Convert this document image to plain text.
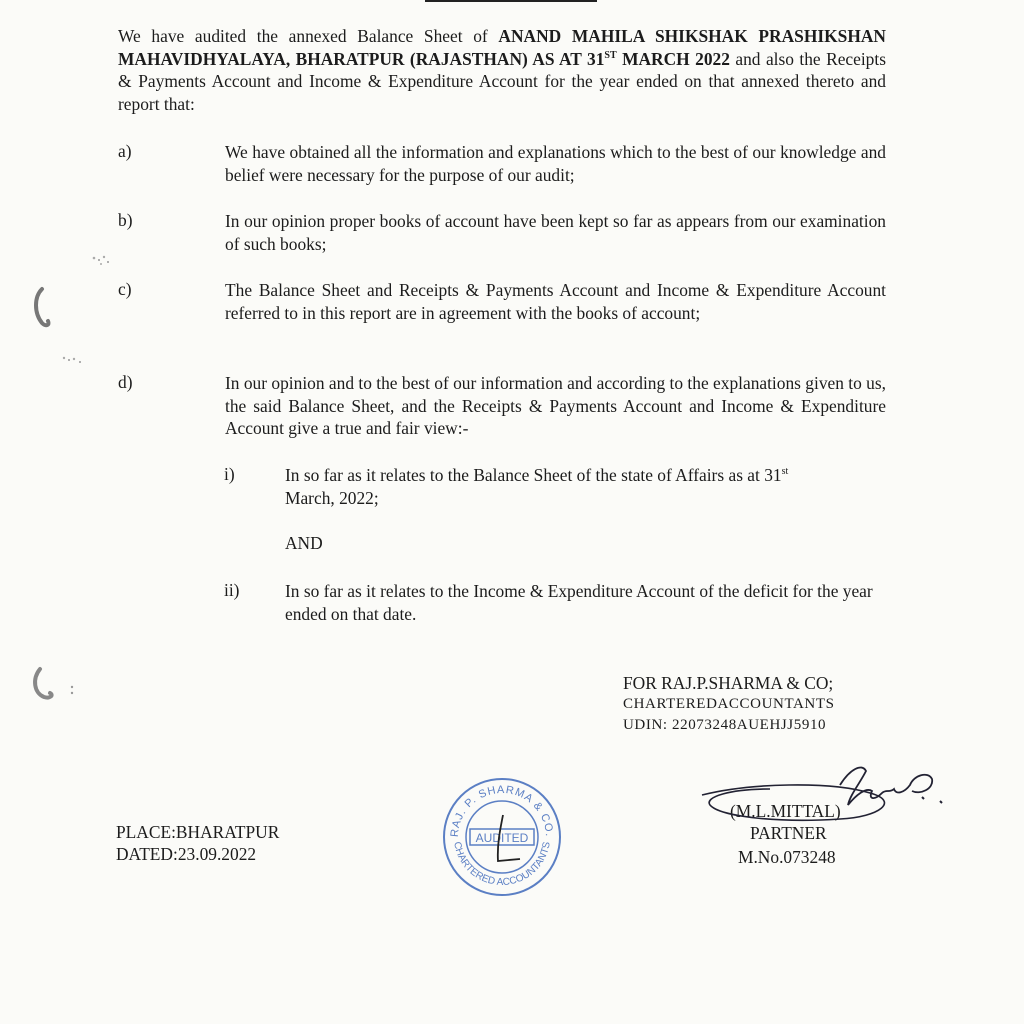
We have audited the annexed Balance Sheet of ANAND MAHILA SHIKSHAK PRASHIKSHAN MAHAVIDHYALAYA, BHARATPUR (RAJASTHAN) AS AT 31ST MARCH 2022 and also the Receipts & Payments Account and Income & Expenditure Account for the year ended on that annexed thereto and report that:

a)	We have obtained all the information and explanations which to the best of our knowledge and belief were necessary for the purpose of our audit;

b)	In our opinion proper books of account have been kept so far as appears from our examination of such books;

c)	The Balance Sheet and Receipts & Payments Account and Income & Expenditure Account referred to in this report are in agreement with the books of account;

d)	In our opinion and to the best of our information and according to the explanations given to us, the said Balance Sheet, and the Receipts & Payments Account and Income & Expenditure Account give a true and fair view:-

i)	In so far as it relates to the Balance Sheet of the state of Affairs as at 31st
March, 2022;

AND
ii)	In so far as it relates to the Income & Expenditure Account of the deficit for the year ended on that date.

FOR RAJ.P.SHARMA & CO;
CHARTEREDACCOUNTANTS
UDIN: 22073248AUEHJJ5910
PLACE:BHARATPUR
DATED:23.09.2022
RAJ. P. SHARMA & CO.
CHARTERED ACCOUNTANTS
AUDITED
(M.L.MITTAL)
PARTNER
M.No.073248
